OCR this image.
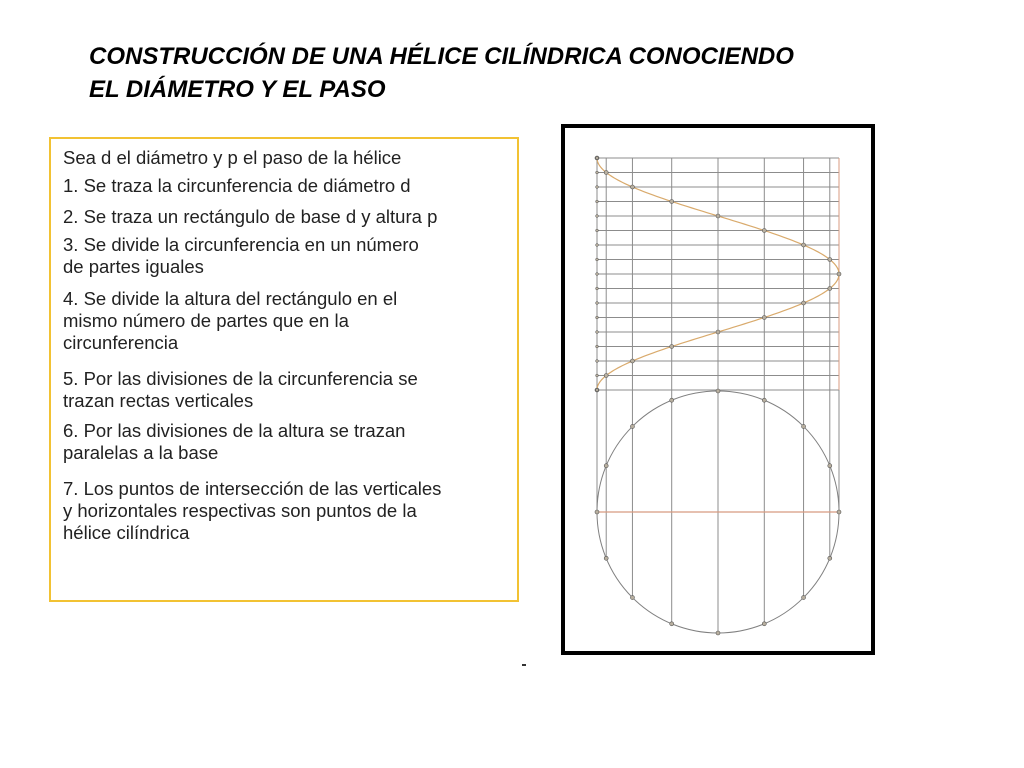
CONSTRUCCIÓN DE UNA HÉLICE CILÍNDRICA CONOCIENDO
EL DIÁMETRO Y EL PASO

Sea d el diámetro y p el paso de la hélice

1. Se traza la circunferencia de diámetro d

2. Se traza un rectángulo de base d y altura p

3. Se divide la circunferencia en un número

de partes iguales

4. Se divide la altura del rectángulo en el

mismo número de partes que en la

circunferencia

5. Por las divisiones de la circunferencia se

trazan rectas verticales

6. Por las divisiones de la altura se trazan

paralelas a la base

7. Los puntos de intersección de las verticales

y horizontales respectivas son puntos de la

hélice cilíndrica
